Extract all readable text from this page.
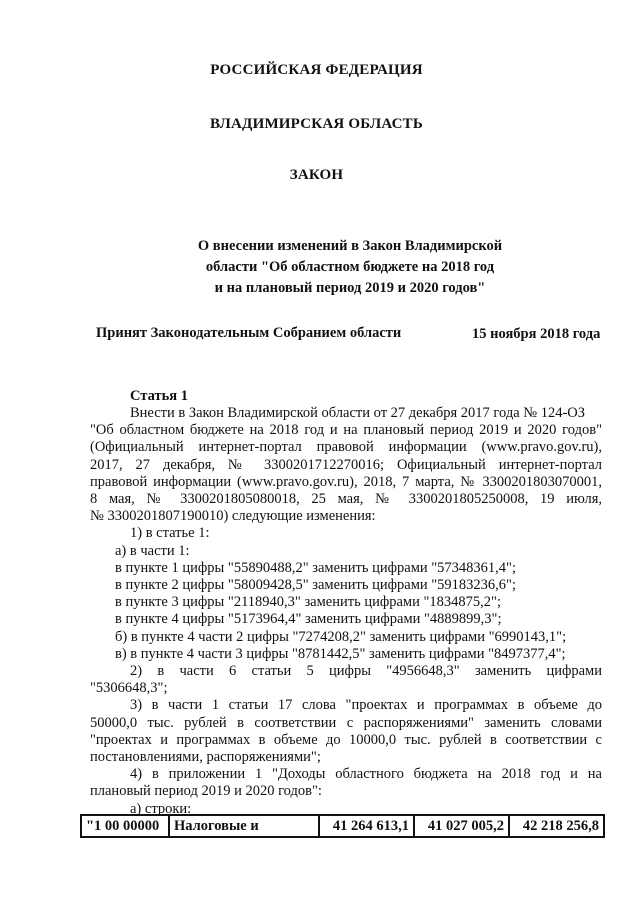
РОССИЙСКАЯ ФЕДЕРАЦИЯ
ВЛАДИМИРСКАЯ ОБЛАСТЬ
ЗАКОН
О внесении изменений в Закон Владимирской
области "Об областном бюджете на 2018 год
и на плановый период 2019 и 2020 годов"
Принят Законодательным Собранием области	15 ноября 2018 года
Статья 1

Внести в Закон Владимирской области от 27 декабря 2017 года № 124-ОЗ

"Об областном бюджете на 2018 год и на плановый период 2019 и 2020 годов"

(Официальный интернет-портал правовой информации (www.pravo.gov.ru),

2017, 27 декабря, № 3300201712270016; Официальный интернет-портал

правовой информации (www.pravo.gov.ru), 2018, 7 марта, № 3300201803070001,

8 мая, № 3300201805080018, 25 мая, № 3300201805250008, 19 июля,

№ 3300201807190010) следующие изменения:

1) в статье 1:

а) в части 1:

в пункте 1 цифры "55890488,2" заменить цифрами "57348361,4";

в пункте 2 цифры "58009428,5" заменить цифрами "59183236,6";

в пункте 3 цифры "2118940,3" заменить цифрами "1834875,2";

в пункте 4 цифры "5173964,4" заменить цифрами "4889899,3";

б) в пункте 4 части 2 цифры "7274208,2" заменить цифрами "6990143,1";

в) в пункте 4 части 3 цифры "8781442,5" заменить цифрами "8497377,4";

2) в части 6 статьи 5 цифры "4956648,3" заменить цифрами

"5306648,3";

3) в части 1 статьи 17 слова "проектах и программах в объеме до

50000,0 тыс. рублей в соответствии с распоряжениями" заменить словами

"проектах и программах в объеме до 10000,0 тыс. рублей в соответствии с

постановлениями, распоряжениями";

4) в приложении 1 "Доходы областного бюджета на 2018 год и на

плановый период 2019 и 2020 годов":

а) строки:

"1 00 00000	Налоговые и	41 264 613,1	41 027 005,2	42 218 256,8
